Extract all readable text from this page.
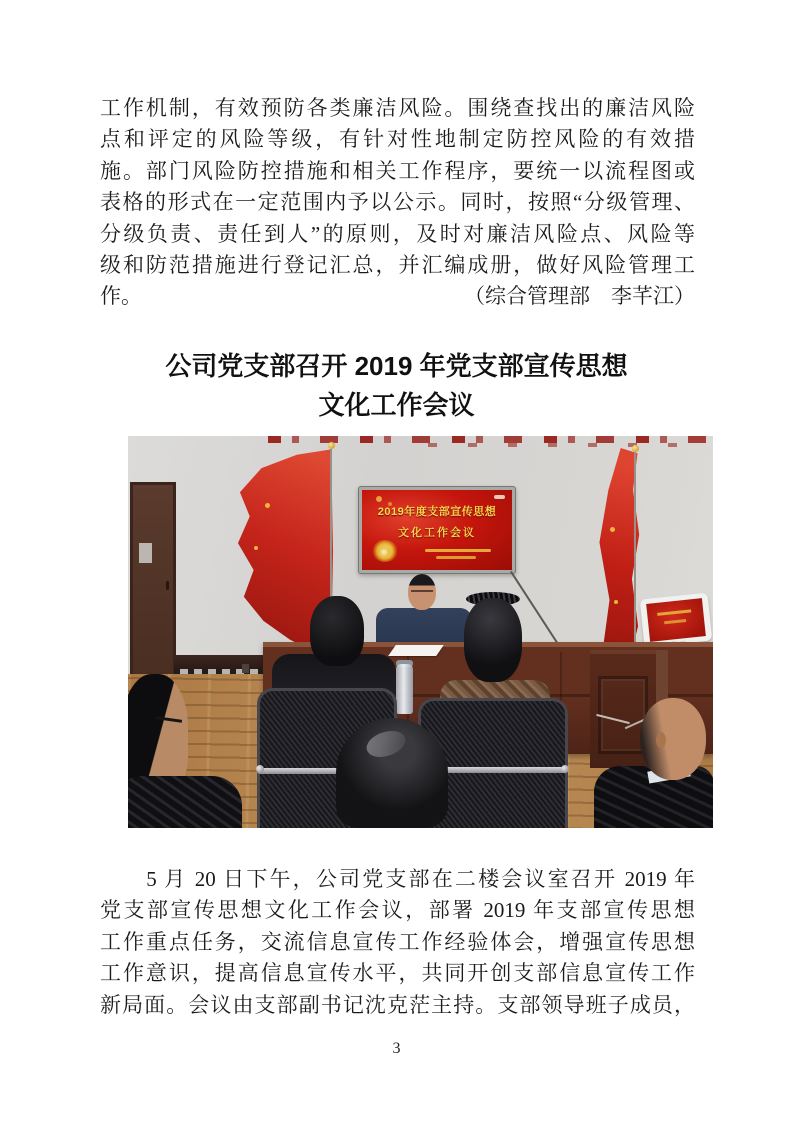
工作机制，有效预防各类廉洁风险。围绕查找出的廉洁风险
点和评定的风险等级，有针对性地制定防控风险的有效措
施。部门风险防控措施和相关工作程序，要统一以流程图或
表格的形式在一定范围内予以公示。同时，按照“分级管理、
分级负责、责任到人”的原则，及时对廉洁风险点、风险等
级和防范措施进行登记汇总，并汇编成册，做好风险管理工
作。	（综合管理部　李芊江）
公司党支部召开 2019 年党支部宣传思想
文化工作会议
2019年度支部宣传思想
文化工作会议
5 月 20 日下午，公司党支部在二楼会议室召开 2019 年
党支部宣传思想文化工作会议，部署 2019 年支部宣传思想
工作重点任务，交流信息宣传工作经验体会，增强宣传思想
工作意识，提高信息宣传水平，共同开创支部信息宣传工作
新局面。会议由支部副书记沈克茫主持。支部领导班子成员，
3
